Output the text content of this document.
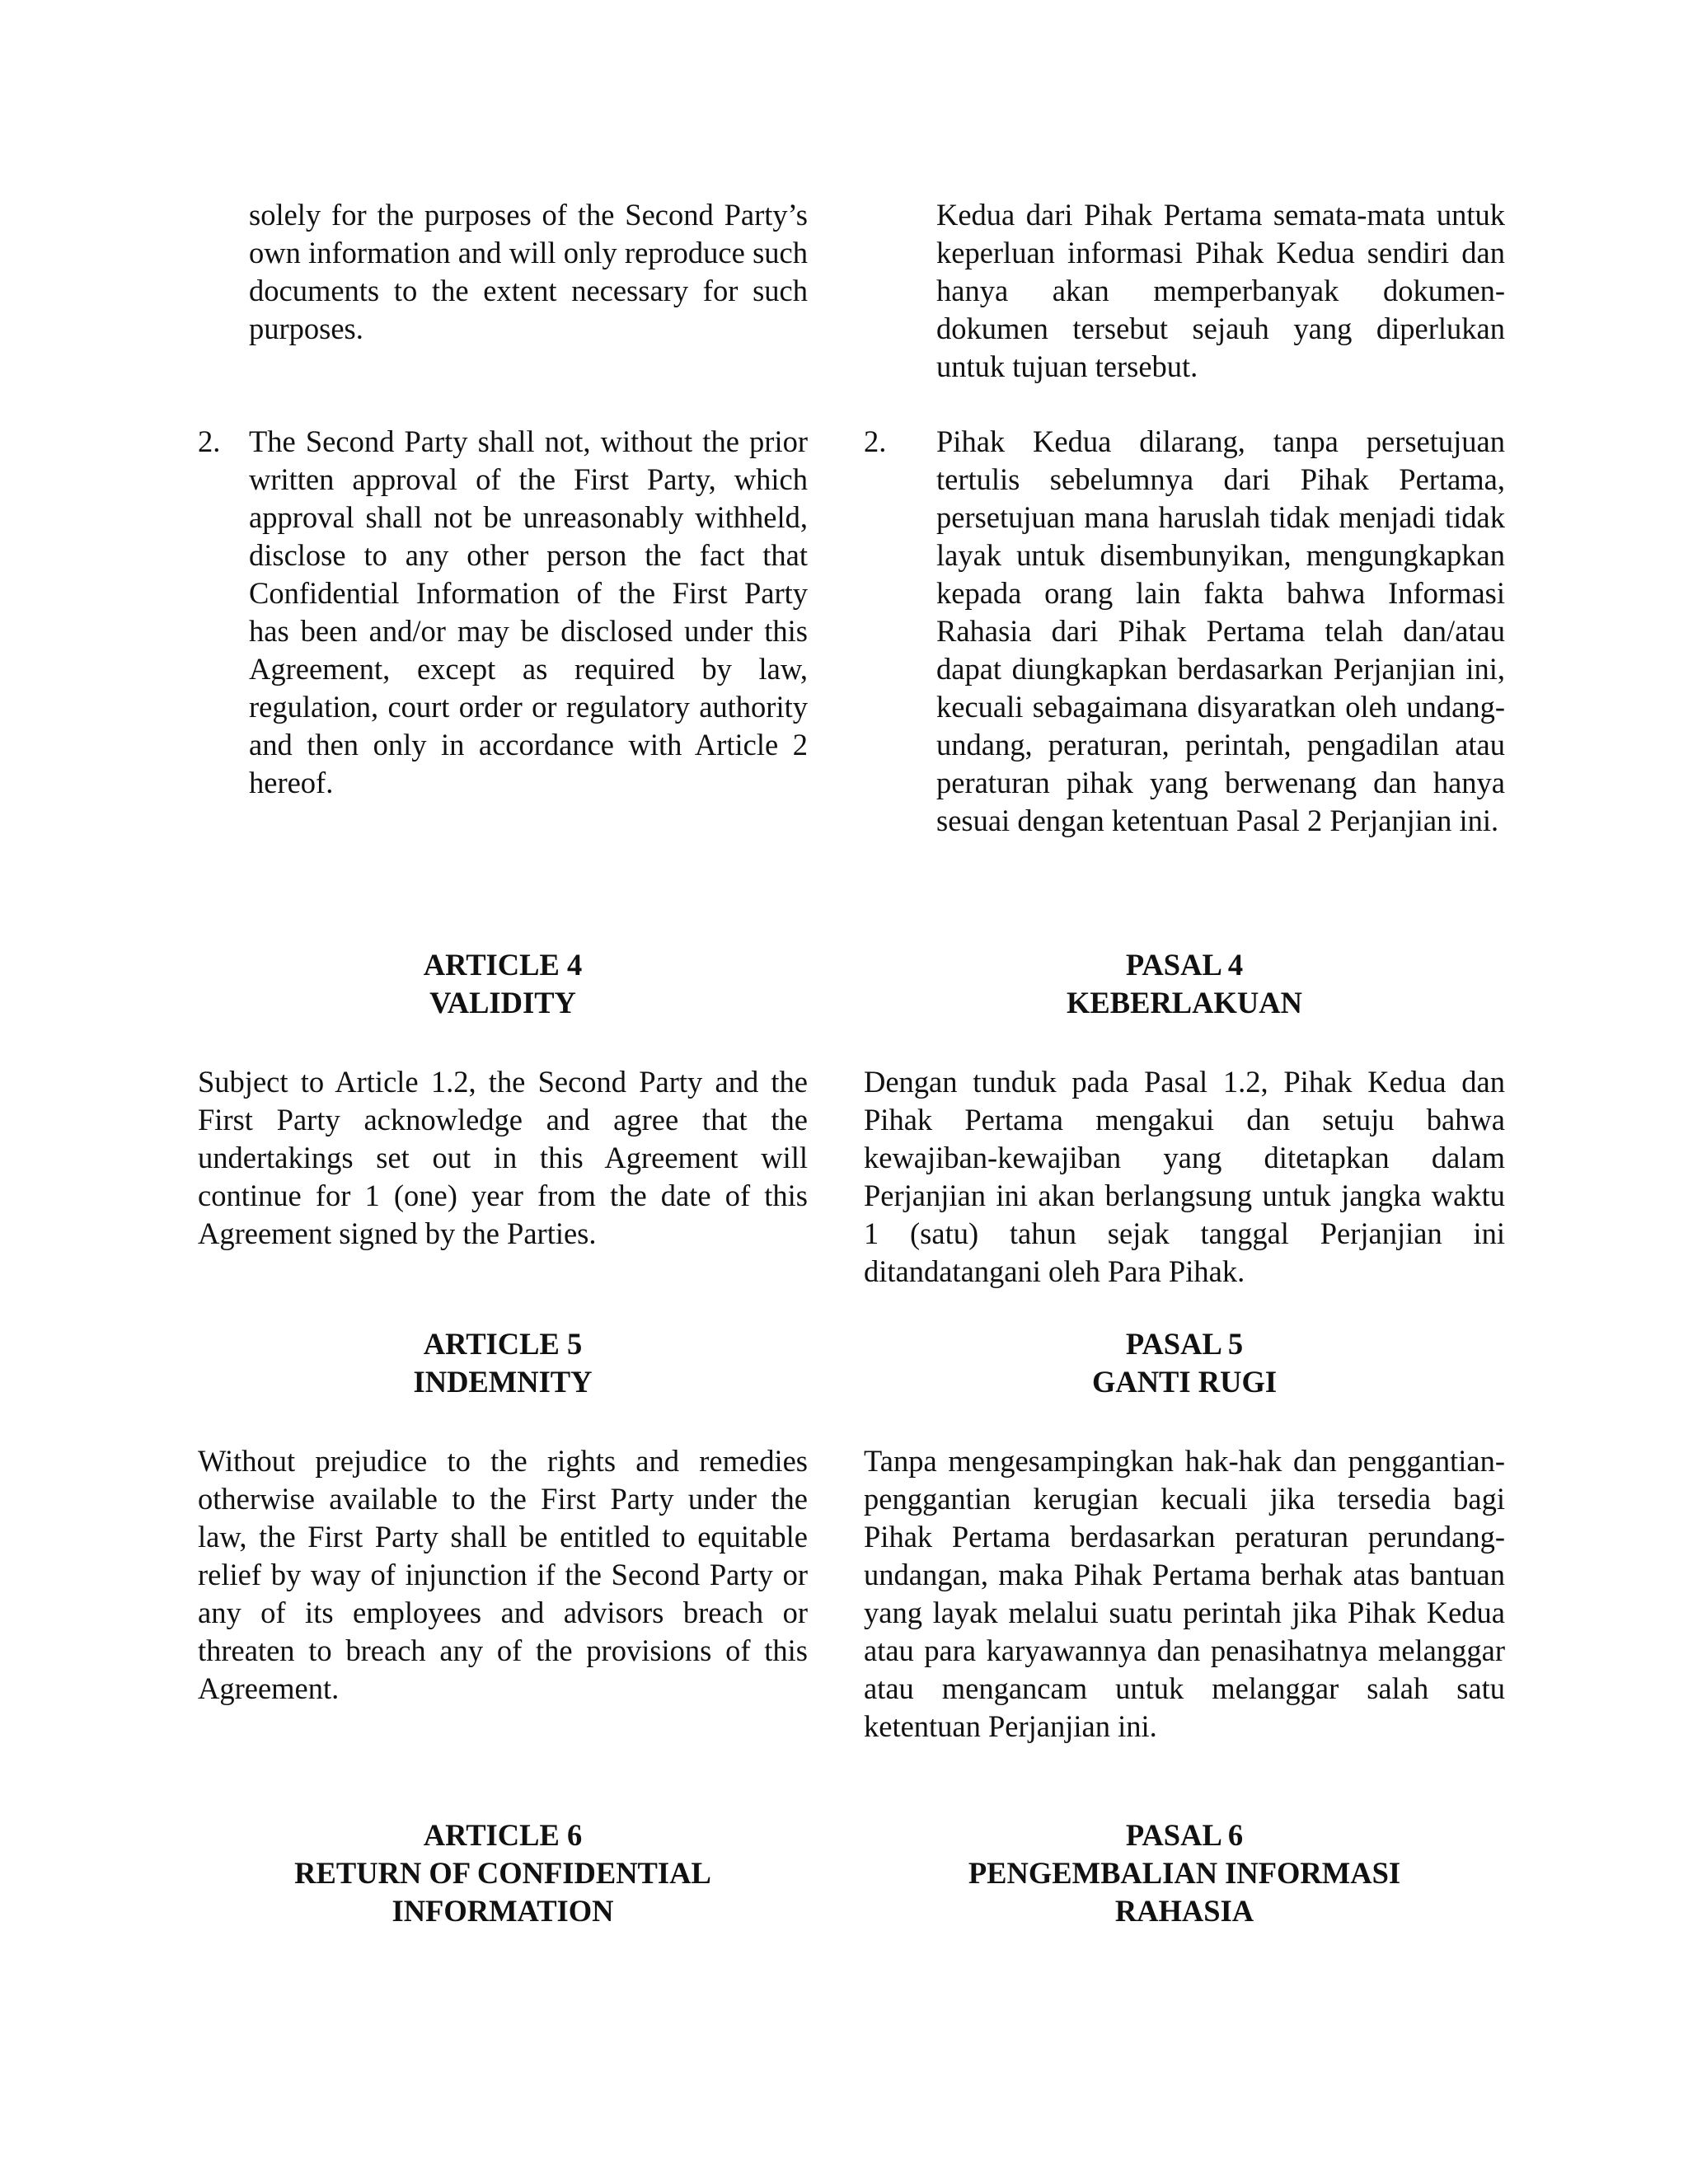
solely for the purposes of the Second Party’s own information and will only reproduce such documents to the extent necessary for such purposes.

2. The Second Party shall not, without the prior written approval of the First Party, which approval shall not be unreasonably withheld, disclose to any other person the fact that Confidential Information of the First Party has been and/or may be disclosed under this Agreement, except as required by law, regulation, court order or regulatory authority and then only in accordance with Article 2 hereof.

ARTICLE 4
VALIDITY

Subject to Article 1.2, the Second Party and the First Party acknowledge and agree that the undertakings set out in this Agreement will continue for 1 (one) year from the date of this Agreement signed by the Parties.

ARTICLE 5
INDEMNITY

Without prejudice to the rights and remedies otherwise available to the First Party under the law, the First Party shall be entitled to equitable relief by way of injunction if the Second Party or any of its employees and advisors breach or threaten to breach any of the provisions of this Agreement.

ARTICLE 6
RETURN OF CONFIDENTIAL
INFORMATION

Kedua dari Pihak Pertama semata-mata untuk keperluan informasi Pihak Kedua sendiri dan hanya akan memperbanyak dokumen-dokumen tersebut sejauh yang diperlukan untuk tujuan tersebut.

2. Pihak Kedua dilarang, tanpa persetujuan tertulis sebelumnya dari Pihak Pertama, persetujuan mana haruslah tidak menjadi tidak layak untuk disembunyikan, mengungkapkan kepada orang lain fakta bahwa Informasi Rahasia dari Pihak Pertama telah dan/atau dapat diungkapkan berdasarkan Perjanjian ini, kecuali sebagaimana disyaratkan oleh undang-undang, peraturan, perintah, pengadilan atau peraturan pihak yang berwenang dan hanya sesuai dengan ketentuan Pasal 2 Perjanjian ini.

PASAL 4
KEBERLAKUAN

Dengan tunduk pada Pasal 1.2, Pihak Kedua dan Pihak Pertama mengakui dan setuju bahwa kewajiban-kewajiban yang ditetapkan dalam Perjanjian ini akan berlangsung untuk jangka waktu 1 (satu) tahun sejak tanggal Perjanjian ini ditandatangani oleh Para Pihak.

PASAL 5
GANTI RUGI

Tanpa mengesampingkan hak-hak dan penggantian-penggantian kerugian kecuali jika tersedia bagi Pihak Pertama berdasarkan peraturan perundang-undangan, maka Pihak Pertama berhak atas bantuan yang layak melalui suatu perintah jika Pihak Kedua atau para karyawannya dan penasihatnya melanggar atau mengancam untuk melanggar salah satu ketentuan Perjanjian ini.

PASAL 6
PENGEMBALIAN INFORMASI
RAHASIA
